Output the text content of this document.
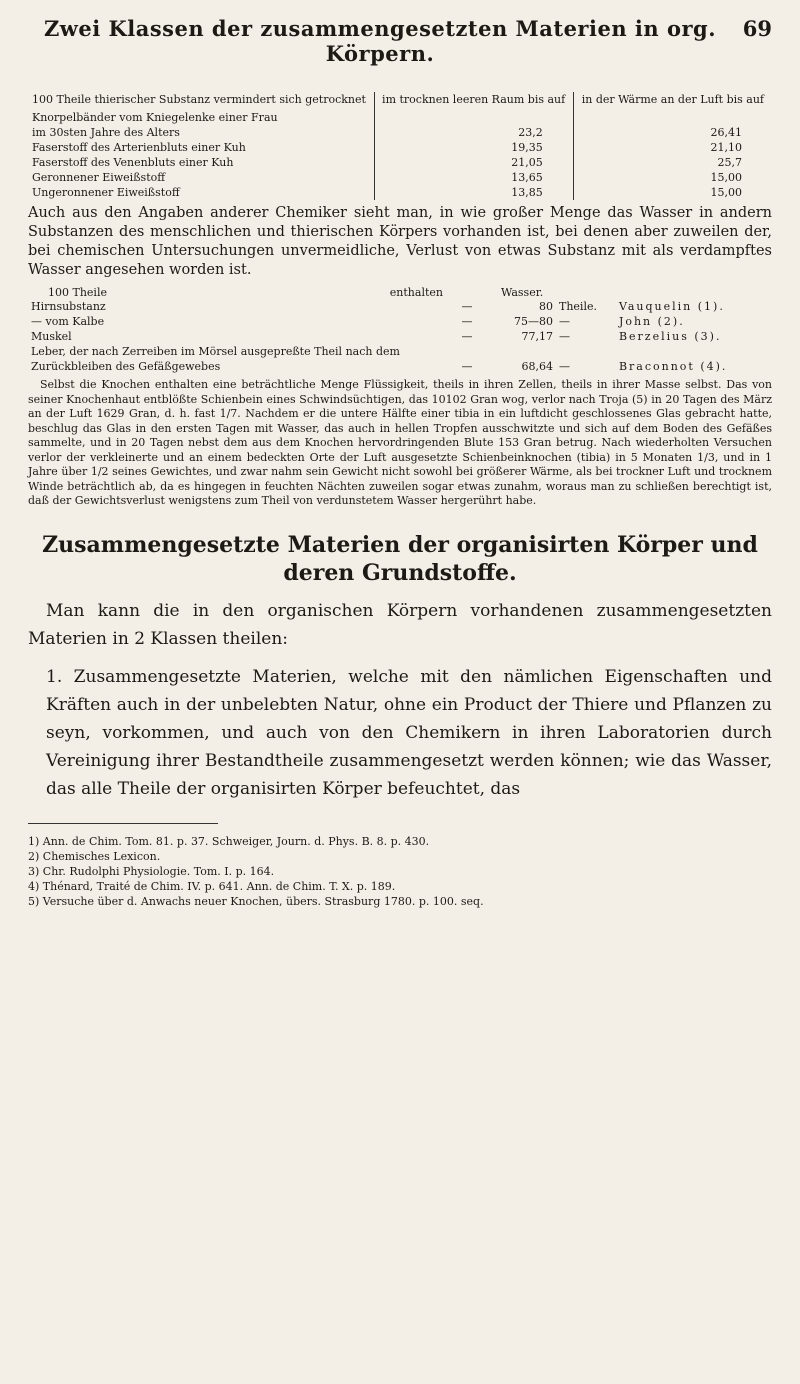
Zwei Klassen der zusammengesetzten Materien in org. Körpern.
69
100 Theile thierischer Substanz vermindert sich getrocknet	im trocknen leeren Raum bis auf	in der Wärme an der Luft bis auf
Knorpelbänder vom Kniegelenke einer Frau		
im 30sten Jahre des Alters	23,2	26,41
Faserstoff des Arterienbluts einer Kuh	19,35	21,10
Faserstoff des Venenbluts einer Kuh	21,05	25,7
Geronnener Eiweißstoff	13,65	15,00
Ungeronnener Eiweißstoff	13,85	15,00

Auch aus den Angaben anderer Chemiker sieht man, in wie großer Menge das Wasser in andern Substanzen des menschlichen und thierischen Körpers vorhanden ist, bei denen aber zuweilen der, bei chemischen Untersuchungen unvermeidliche, Verlust von etwas Substanz mit als verdampftes Wasser angesehen worden ist.

100 Theile	enthalten	Wasser.
Hirnsubstanz	—	80	Theile.	Vauquelin (1).
— vom Kalbe	—	75—80	—	John (2).
Muskel	—	77,17	—	Berzelius (3).
Leber, der nach Zerreiben im Mörsel ausgepreßte Theil nach dem Zurückbleiben des Gefäßgewebes	—	68,64	—	Braconnot (4).

Selbst die Knochen enthalten eine beträchtliche Menge Flüssigkeit, theils in ihren Zellen, theils in ihrer Masse selbst. Das von seiner Knochenhaut entblößte Schienbein eines Schwindsüchtigen, das 10102 Gran wog, verlor nach Troja (5) in 20 Tagen des März an der Luft 1629 Gran, d. h. fast 1/7. Nachdem er die untere Hälfte einer tibia in ein luftdicht geschlossenes Glas gebracht hatte, beschlug das Glas in den ersten Tagen mit Wasser, das auch in hellen Tropfen ausschwitzte und sich auf dem Boden des Gefäßes sammelte, und in 20 Tagen nebst dem aus dem Knochen hervordringenden Blute 153 Gran betrug. Nach wiederholten Versuchen verlor der verkleinerte und an einem bedeckten Orte der Luft ausgesetzte Schienbeinknochen (tibia) in 5 Monaten 1/3, und in 1 Jahre über 1/2 seines Gewichtes, und zwar nahm sein Gewicht nicht sowohl bei größerer Wärme, als bei trockner Luft und trocknem Winde beträchtlich ab, da es hingegen in feuchten Nächten zuweilen sogar etwas zunahm, woraus man zu schließen berechtigt ist, daß der Gewichtsverlust wenigstens zum Theil von verdunstetem Wasser hergerührt habe.

Zusammengesetzte Materien der organisirten Körper und deren Grundstoffe.

Man kann die in den organischen Körpern vorhandenen zusammengesetzten Materien in 2 Klassen theilen:

1. Zusammengesetzte Materien, welche mit den nämlichen Eigenschaften und Kräften auch in der unbelebten Natur, ohne ein Product der Thiere und Pflanzen zu seyn, vorkommen, und auch von den Chemikern in ihren Laboratorien durch Vereinigung ihrer Bestandtheile zusammengesetzt werden können; wie das Wasser, das alle Theile der organisirten Körper befeuchtet, das

1) Ann. de Chim. Tom. 81. p. 37. Schweiger, Journ. d. Phys. B. 8. p. 430.

2) Chemisches Lexicon.

3) Chr. Rudolphi Physiologie. Tom. I. p. 164.

4) Thénard, Traité de Chim. IV. p. 641. Ann. de Chim. T. X. p. 189.

5) Versuche über d. Anwachs neuer Knochen, übers. Strasburg 1780. p. 100. seq.
